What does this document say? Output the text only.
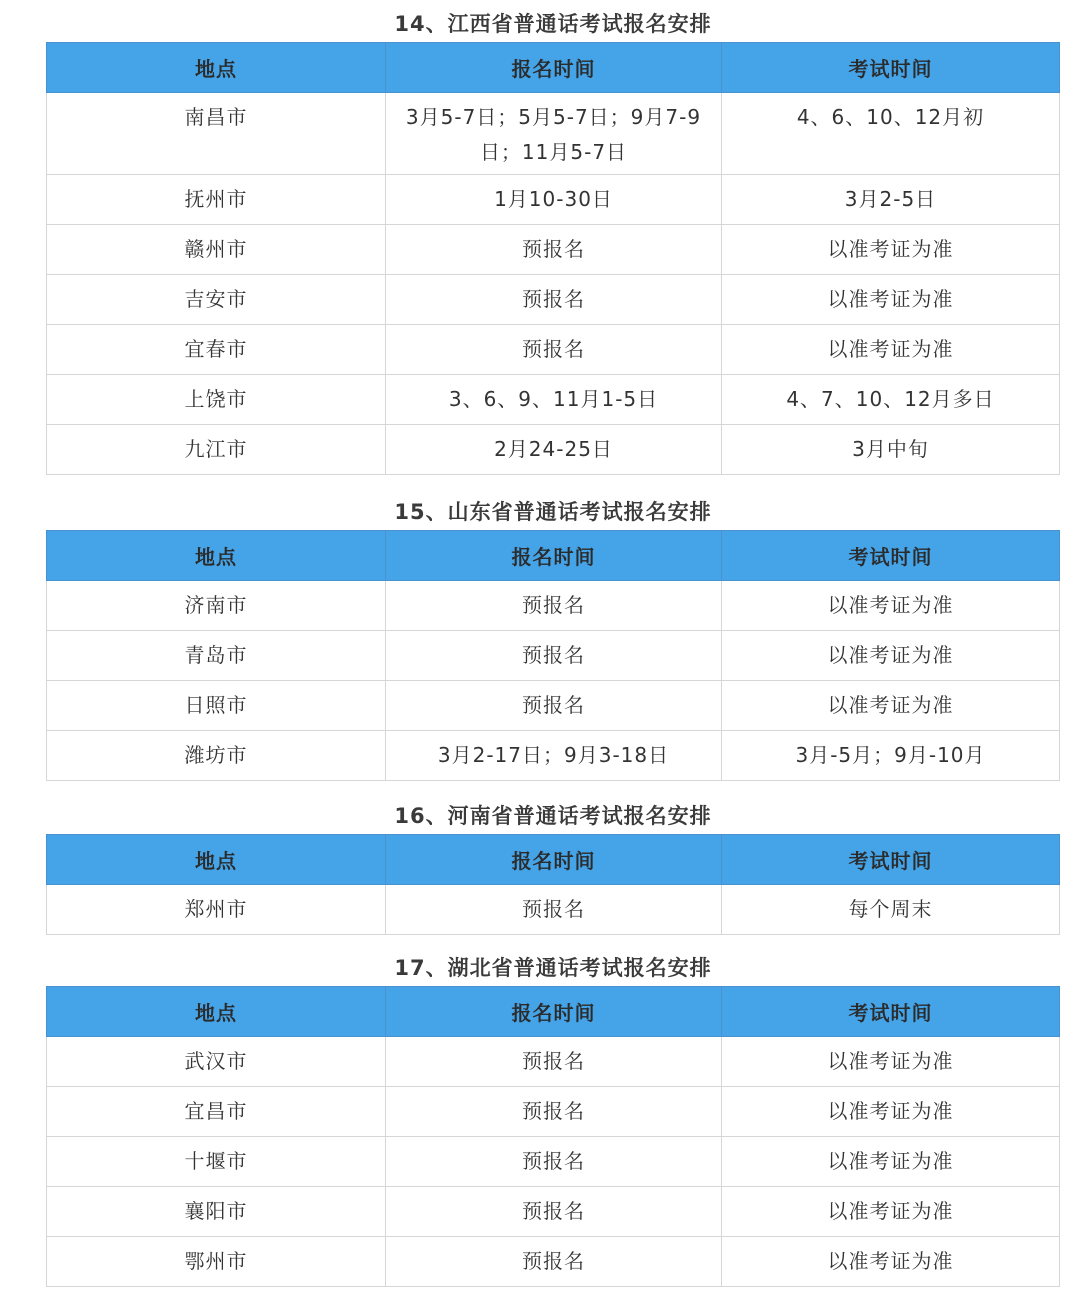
14、江西省普通话考试报名安排
地点	报名时间	考试时间
南昌市	3月5-7日；5月5-7日；9月7-9日；11月5-7日	4、6、10、12月初
抚州市	1月10-30日	3月2-5日
赣州市	预报名	以准考证为准
吉安市	预报名	以准考证为准
宜春市	预报名	以准考证为准
上饶市	3、6、9、11月1-5日	4、7、10、12月多日
九江市	2月24-25日	3月中旬
15、山东省普通话考试报名安排
地点	报名时间	考试时间
济南市	预报名	以准考证为准
青岛市	预报名	以准考证为准
日照市	预报名	以准考证为准
潍坊市	3月2-17日；9月3-18日	3月-5月；9月-10月
16、河南省普通话考试报名安排
地点	报名时间	考试时间
郑州市	预报名	每个周末
17、湖北省普通话考试报名安排
地点	报名时间	考试时间
武汉市	预报名	以准考证为准
宜昌市	预报名	以准考证为准
十堰市	预报名	以准考证为准
襄阳市	预报名	以准考证为准
鄂州市	预报名	以准考证为准
